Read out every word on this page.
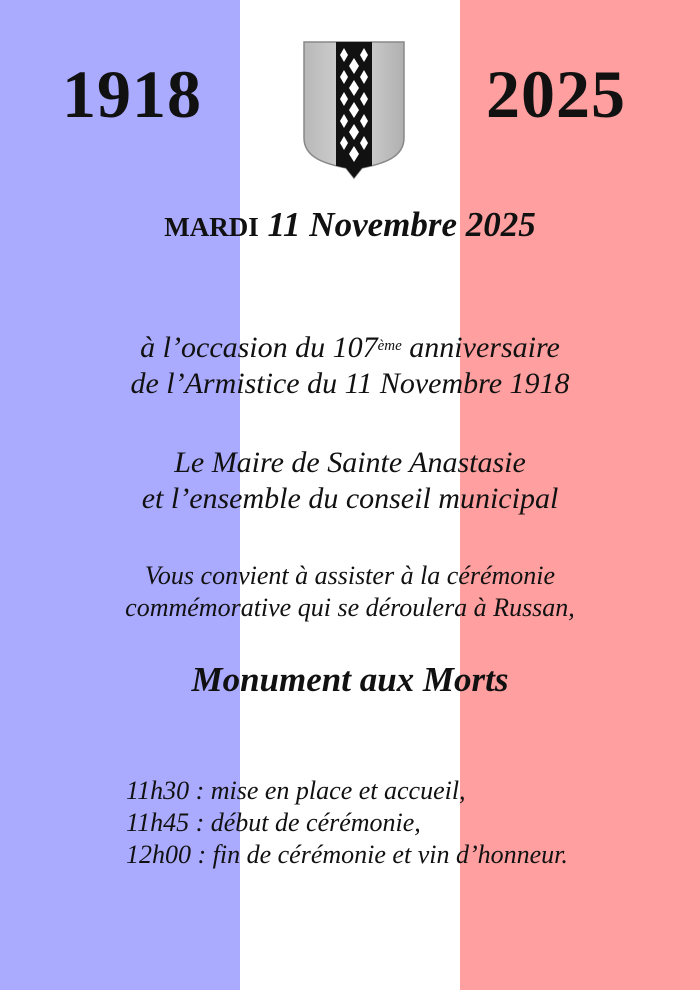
1918	2025
MARDI 11 Novembre 2025
à l’occasion du 107ème anniversaire
de l’Armistice du 11 Novembre 1918
Le Maire de Sainte Anastasie
et l’ensemble du conseil municipal
Vous convient à assister à la cérémonie
commémorative qui se déroulera à Russan,
Monument aux Morts
11h30 : mise en place et accueil,
11h45 : début de cérémonie,
12h00 : fin de cérémonie et vin d’honneur.
